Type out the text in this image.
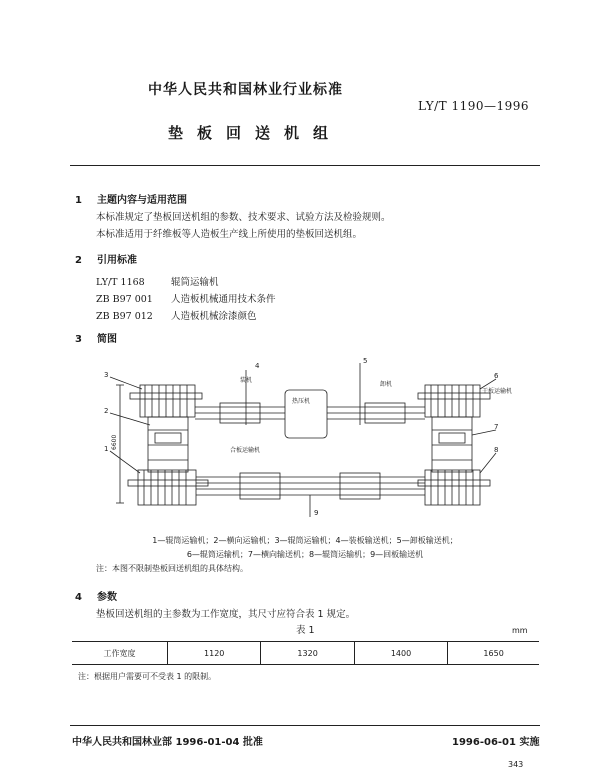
中华人民共和国林业行业标准
LY/T 1190—1996
垫板回送机组
1 主题内容与适用范围
本标准规定了垫板回送机组的参数、技术要求、试验方法及检验规则。
本标准适用于纤维板等人造板生产线上所使用的垫板回送机组。
2 引用标准
LY/T 1168	辊筒运输机
ZB B97 001 人造板机械通用技术条件
ZB B97 012 人造板机械涂漆颜色
3 简图
3
2
1
4
5
6
7
8
9
装机
卸机
热压机
合板运输机
干板运输机
6600
1—辊筒运输机；2—横向运输机；3—辊筒运输机；4—装板输送机；5—卸板输送机；
6—辊筒运输机；7—横向输送机；8—辊筒运输机；9—回板输送机
注：本图不限制垫板回送机组的具体结构。
4 参数
垫板回送机组的主参数为工作宽度，其尺寸应符合表 1 规定。
表 1	mm
工作宽度	1120	1320	1400	1650
注：根据用户需要可不受表 1 的限制。
中华人民共和国林业部 1996-01-04 批准	1996-06-01 实施
343
